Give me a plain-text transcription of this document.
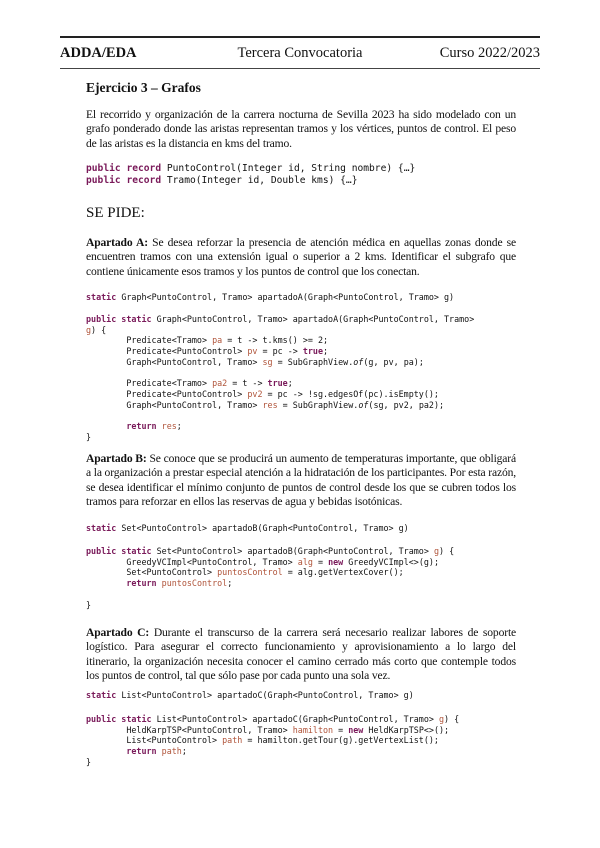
ADDA/EDA	Tercera Convocatoria	Curso 2022/2023
Ejercicio 3 – Grafos
El recorrido y organización de la carrera nocturna de Sevilla 2023 ha sido modelado con un grafo ponderado donde las aristas representan tramos y los vértices, puntos de control. El peso de las aristas es la distancia en kms del tramo.
public record PuntoControl(Integer id, String nombre) {…}
public record Tramo(Integer id, Double kms) {…}
SE PIDE:
Apartado A: Se desea reforzar la presencia de atención médica en aquellas zonas donde se encuentren tramos con una extensión igual o superior a 2 kms. Identificar el subgrafo que contiene únicamente esos tramos y los puntos de control que los conectan.
static Graph<PuntoControl, Tramo> apartadoA(Graph<PuntoControl, Tramo> g)
public static Graph<PuntoControl, Tramo> apartadoA(Graph<PuntoControl, Tramo>
g) {
Predicate<Tramo> pa = t -> t.kms() >= 2;
Predicate<PuntoControl> pv = pc -> true;
Graph<PuntoControl, Tramo> sg = SubGraphView.of(g, pv, pa);

Predicate<Tramo> pa2 = t -> true;
Predicate<PuntoControl> pv2 = pc -> !sg.edgesOf(pc).isEmpty();
Graph<PuntoControl, Tramo> res = SubGraphView.of(sg, pv2, pa2);

return res;
}
Apartado B: Se conoce que se producirá un aumento de temperaturas importante, que obligará a la organización a prestar especial atención a la hidratación de los participantes. Por esta razón, se desea identificar el mínimo conjunto de puntos de control desde los que se cubren todos los tramos para reforzar en ellos las reservas de agua y bebidas isotónicas.
static Set<PuntoControl> apartadoB(Graph<PuntoControl, Tramo> g)
public static Set<PuntoControl> apartadoB(Graph<PuntoControl, Tramo> g) {
GreedyVCImpl<PuntoControl, Tramo> alg = new GreedyVCImpl<>(g);
Set<PuntoControl> puntosControl = alg.getVertexCover();
return puntosControl;

}
Apartado C: Durante el transcurso de la carrera será necesario realizar labores de soporte logístico. Para asegurar el correcto funcionamiento y aprovisionamiento a lo largo del itinerario, la organización necesita conocer el camino cerrado más corto que contemple todos los puntos de control, tal que sólo pase por cada punto una sola vez.
static List<PuntoControl> apartadoC(Graph<PuntoControl, Tramo> g)
public static List<PuntoControl> apartadoC(Graph<PuntoControl, Tramo> g) {
HeldKarpTSP<PuntoControl, Tramo> hamilton = new HeldKarpTSP<>();
List<PuntoControl> path = hamilton.getTour(g).getVertexList();
return path;
}
